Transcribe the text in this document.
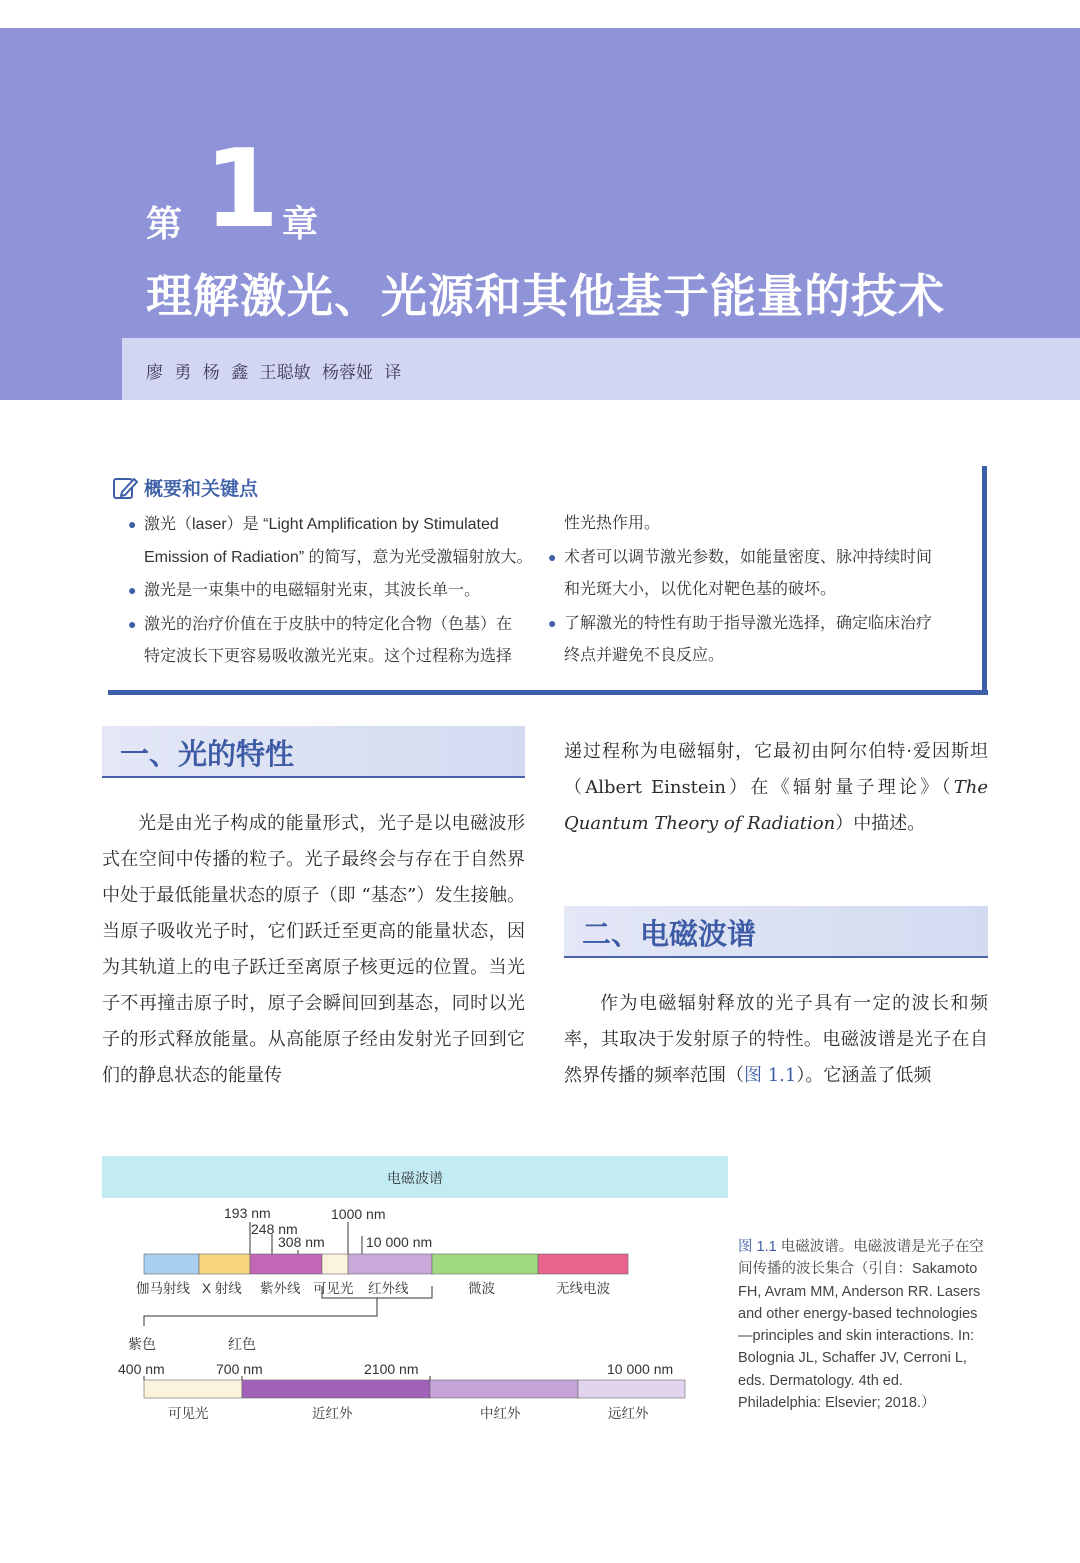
第 1 章
理解激光、光源和其他基于能量的技术
廖 勇 杨 鑫 王聪敏 杨蓉娅 译
概要和关键点

● 激光（laser）是 “Light Amplification by Stimulated

Emission of Radiation” 的简写，意为光受激辐射放大。

● 激光是一束集中的电磁辐射光束，其波长单一。

● 激光的治疗价值在于皮肤中的特定化合物（色基）在

特定波长下更容易吸收激光光束。这个过程称为选择

性光热作用。

● 术者可以调节激光参数，如能量密度、脉冲持续时间

和光斑大小，以优化对靶色基的破坏。

● 了解激光的特性有助于指导激光选择，确定临床治疗

终点并避免不良反应。

一、光的特性

光是由光子构成的能量形式，光子是以电磁波形式在空间中传播的粒子。光子最终会与存在于自然界中处于最低能量状态的原子（即 “基态”）发生接触。当原子吸收光子时，它们跃迁至更高的能量状态，因为其轨道上的电子跃迁至离原子核更远的位置。当光子不再撞击原子时，原子会瞬间回到基态，同时以光子的形式释放能量。从高能原子经由发射光子回到它们的静息状态的能量传

递过程称为电磁辐射，它最初由阿尔伯特·爱因斯坦（Albert Einstein）在《辐射量子理论》（The Quantum Theory of Radiation）中描述。

二、电磁波谱

作为电磁辐射释放的光子具有一定的波长和频率，其取决于发射原子的特性。电磁波谱是光子在自然界传播的频率范围（图 1.1）。它涵盖了低频

电磁波谱
193 nm
248 nm
308 nm
1000 nm
10 000 nm
伽马射线 X 射线 紫外线 可见光 红外线	微波	无线电波
紫色	红色
400 nm	700 nm	2100 nm	10 000 nm
可见光	近红外	中红外	远红外
图 1.1 电磁波谱。电磁波谱是光子在空间传播的波长集合（引自：Sakamoto FH, Avram MM, Anderson RR. Lasers and other energy-based technologies—principles and skin interactions. In: Bolognia JL, Schaffer JV, Cerroni L, eds. Dermatology. 4th ed. Philadelphia: Elsevier; 2018.）
